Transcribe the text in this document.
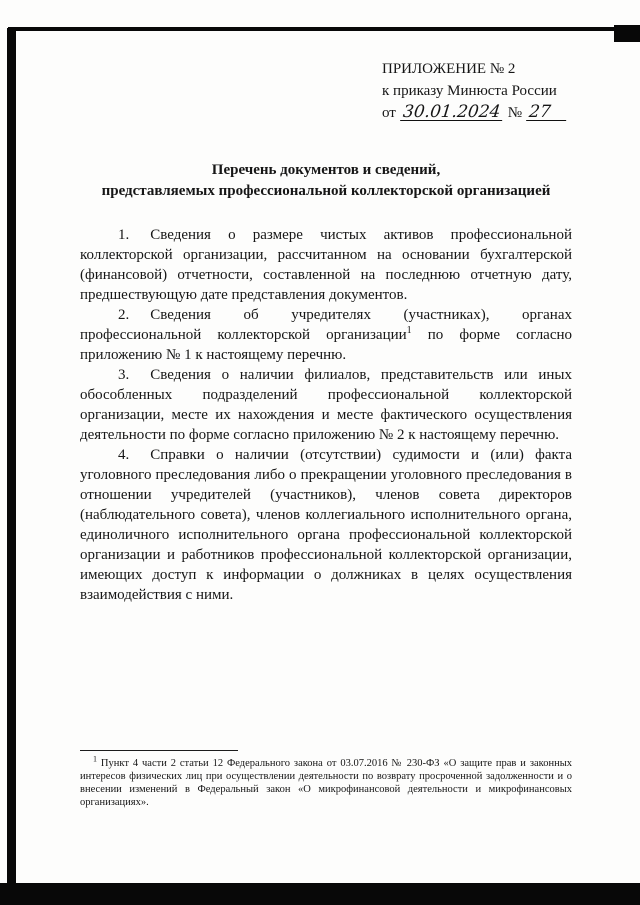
ПРИЛОЖЕНИЕ № 2
к приказу Минюста России
от 30.01.2024 № 27
Перечень документов и сведений,
представляемых профессиональной коллекторской организацией

1. Сведения о размере чистых активов профессиональной коллекторской организации, рассчитанном на основании бухгалтерской (финансовой) отчетности, составленной на последнюю отчетную дату, предшествующую дате представления документов.

2. Сведения об учредителях (участниках), органах профессиональной коллекторской организации$^1$ по форме согласно приложению № 1 к настоящему перечню.

3. Сведения о наличии филиалов, представительств или иных обособленных подразделений профессиональной коллекторской организации, месте их нахождения и месте фактического осуществления деятельности по форме согласно приложению № 2 к настоящему перечню.

4. Справки о наличии (отсутствии) судимости и (или) факта уголовного преследования либо о прекращении уголовного преследования в отношении учредителей (участников), членов совета директоров (наблюдательного совета), членов коллегиального исполнительного органа, единоличного исполнительного органа профессиональной коллекторской организации и работников профессиональной коллекторской организации, имеющих доступ к информации о должниках в целях осуществления взаимодействия с ними.

$^1$ Пункт 4 части 2 статьи 12 Федерального закона от 03.07.2016 № 230-ФЗ «О защите прав и законных интересов физических лиц при осуществлении деятельности по возврату просроченной задолженности и о внесении изменений в Федеральный закон «О микрофинансовой деятельности и микрофинансовых организациях».
